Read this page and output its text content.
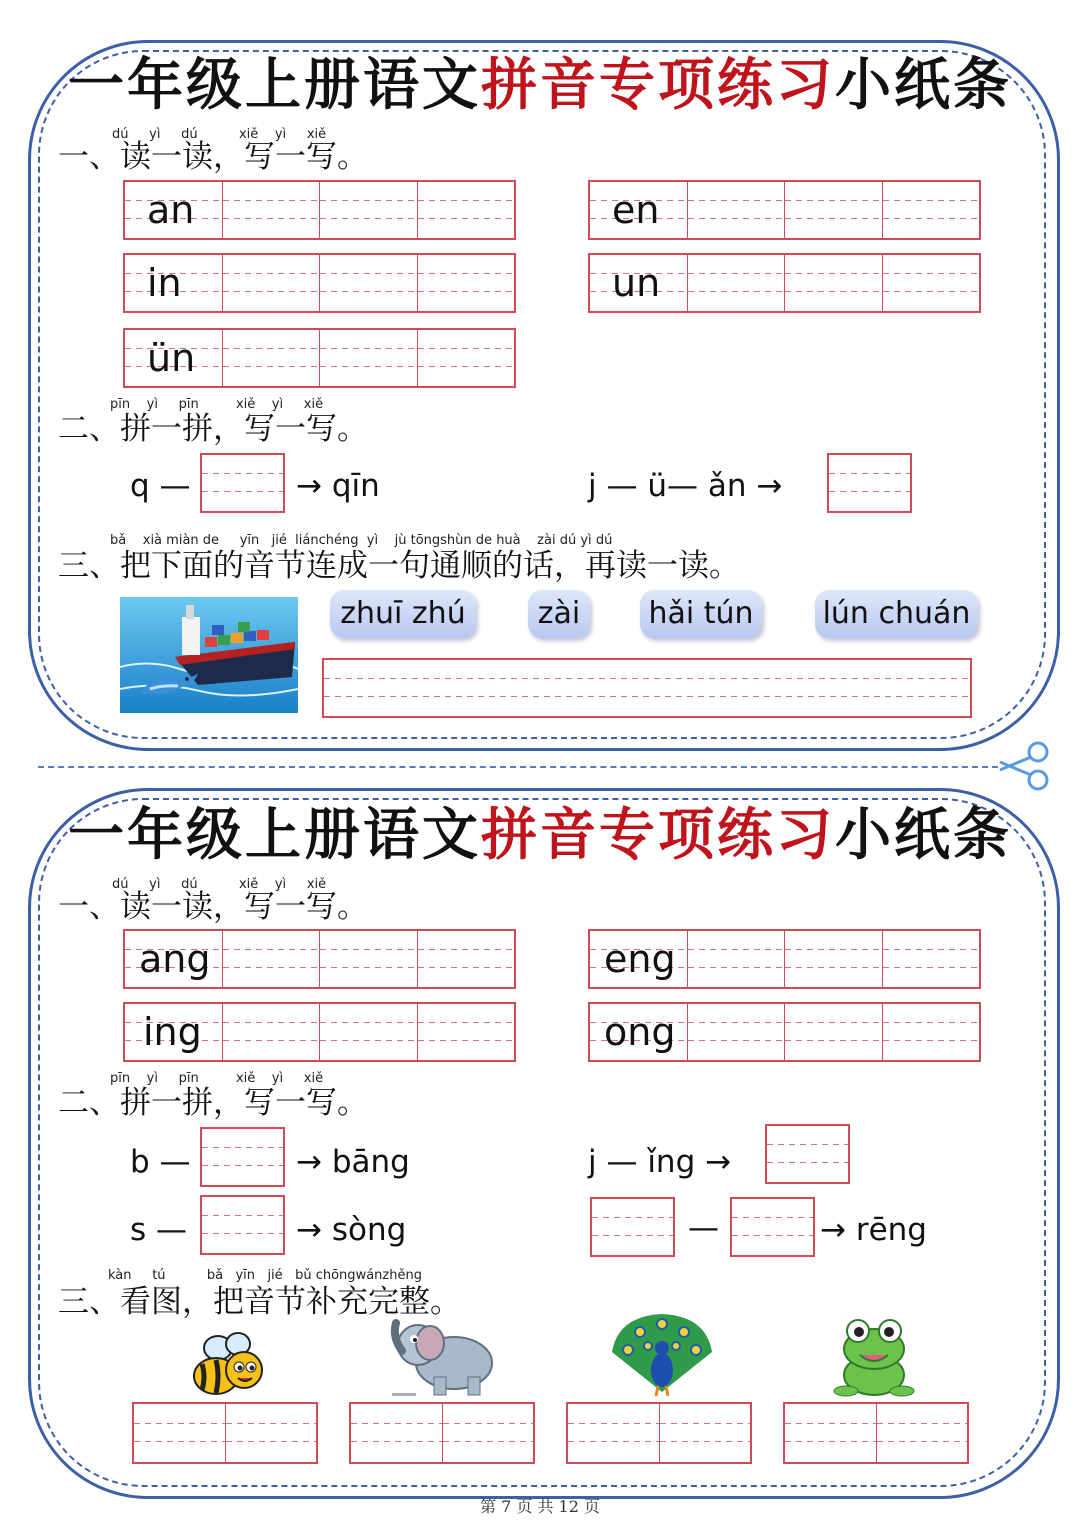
一年级上册语文拼音专项练习小纸条
dú yì dú	xiě yì xiě
一、读一读，写一写。
an	en
in	un
ün
pīn yì pīn	xiě yì xiě
二、拼一拼，写一写。
q —	→ qīn	j — ü— ǎn →
bǎ xià miàn de yīn jié liánchéng yì jù tōngshùn de huà zài dú yì dú
三、把下面的音节连成一句通顺的话，再读一读。
zhuī zhú	zài	hǎi tún lún chuán
一年级上册语文拼音专项练习小纸条
dú yì dú	xiě yì xiě
一、读一读，写一写。
ang	eng
ing	ong
pīn yì pīn	xiě yì xiě
二、拼一拼，写一写。
b —	→ bāng	j — ǐng →
s —	→ sòng	—	→ rēng
kàn tú	bǎ yīn jié bǔ chōngwánzhěng
三、看图，把音节补充完整。
第 7 页 共 12 页
